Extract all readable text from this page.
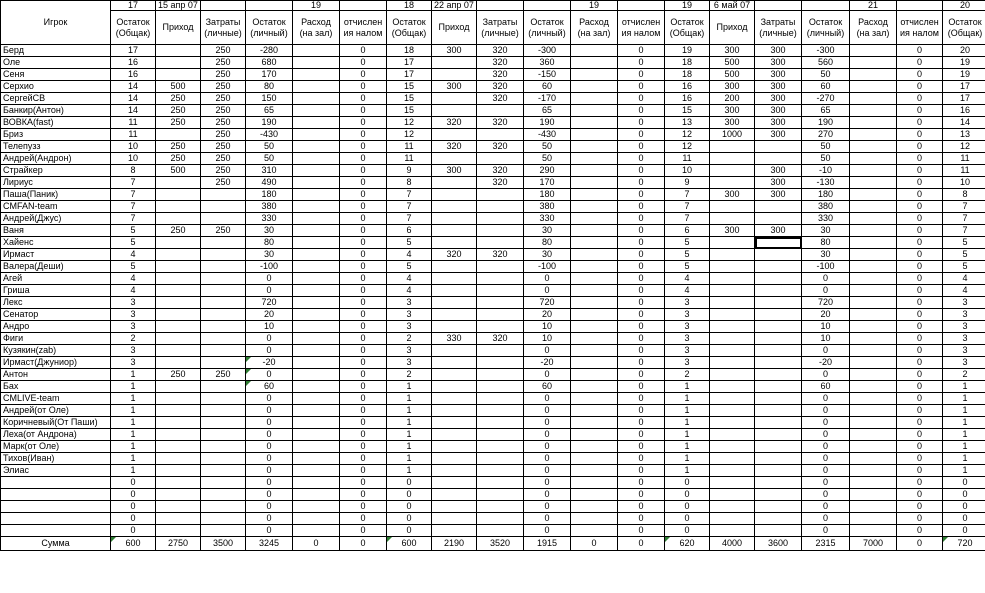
Игрок	17	15 апр 07			19		18	22 апр 07			19		19	6 май 07			21		20
	Остаток (Общак)	Приход	Затраты (личные)	Остаток (личный)	Расход (на зал)	отчислен ия налом	Остаток (Общак)	Приход	Затраты (личные)	Остаток (личный)	Расход (на зал)	отчислен ия налом	Остаток (Общак)	Приход	Затраты (личные)	Остаток (личный)	Расход (на зал)	отчислен ия налом	Остаток (Общак)
Берд	17		250	-280		0	18	300	320	-300		0	19	300	300	-300		0	20
Оле	16		250	680		0	17		320	360		0	18	500	300	560		0	19
Сеня	16		250	170		0	17		320	-150		0	18	500	300	50		0	19
Серхио	14	500	250	80		0	15	300	320	60		0	16	300	300	60		0	17
СергейСВ	14	250	250	150		0	15		320	-170		0	16	200	300	-270		0	17
Банкир(Антон)	14	250	250	65		0	15			65		0	15	300	300	65		0	16
ВОВКА(fast)	11	250	250	190		0	12	320	320	190		0	13	300	300	190		0	14
Бриз	11		250	-430		0	12			-430		0	12	1000	300	270		0	13
Телепузз	10	250	250	50		0	11	320	320	50		0	12			50		0	12
Андрей(Андрон)	10	250	250	50		0	11			50		0	11			50		0	11
Страйкер	8	500	250	310		0	9	300	320	290		0	10		300	-10		0	11
Лириус	7		250	490		0	8		320	170		0	9		300	-130		0	10
Паша(Паник)	7			180		0	7			180		0	7	300	300	180		0	8
CMFAN-team	7			380		0	7			380		0	7			380		0	7
Андрей(Джус)	7			330		0	7			330		0	7			330		0	7
Ваня	5	250	250	30		0	6			30		0	6	300	300	30		0	7
Хайенс	5			80		0	5			80		0	5			80		0	5
Ирмаст	4			30		0	4	320	320	30		0	5			30		0	5
Валера(Деши)	5			-100		0	5			-100		0	5			-100		0	5
Агей	4			0		0	4			0		0	4			0		0	4
Гриша	4			0		0	4			0		0	4			0		0	4
Лекс	3			720		0	3			720		0	3			720		0	3
Сенатор	3			20		0	3			20		0	3			20		0	3
Андро	3			10		0	3			10		0	3			10		0	3
Фиги	2			0		0	2	330	320	10		0	3			10		0	3
Кузякин(zab)	3			0		0	3			0		0	3			0		0	3
Ирмаст(Джуниор)	3			-20		0	3			-20		0	3			-20		0	3
Антон	1	250	250	0		0	2			0		0	2			0		0	2
Бах	1			60		0	1			60		0	1			60		0	1
CMLIVE-team	1			0		0	1			0		0	1			0		0	1
Андрей(от Оле)	1			0		0	1			0		0	1			0		0	1
Коричневый(От Паши)	1			0		0	1			0		0	1			0		0	1
Леха(от Андрона)	1			0		0	1			0		0	1			0		0	1
Марк(от Оле)	1			0		0	1			0		0	1			0		0	1
Тихов(Иван)	1			0		0	1			0		0	1			0		0	1
Элиас	1			0		0	1			0		0	1			0		0	1
	0			0		0	0			0		0	0			0		0	0
	0			0		0	0			0		0	0			0		0	0
	0			0		0	0			0		0	0			0		0	0
	0			0		0	0			0		0	0			0		0	0
	0			0		0	0			0		0	0			0		0	0
Сумма	600	2750	3500	3245	0	0	600	2190	3520	1915	0	0	620	4000	3600	2315	7000	0	720
